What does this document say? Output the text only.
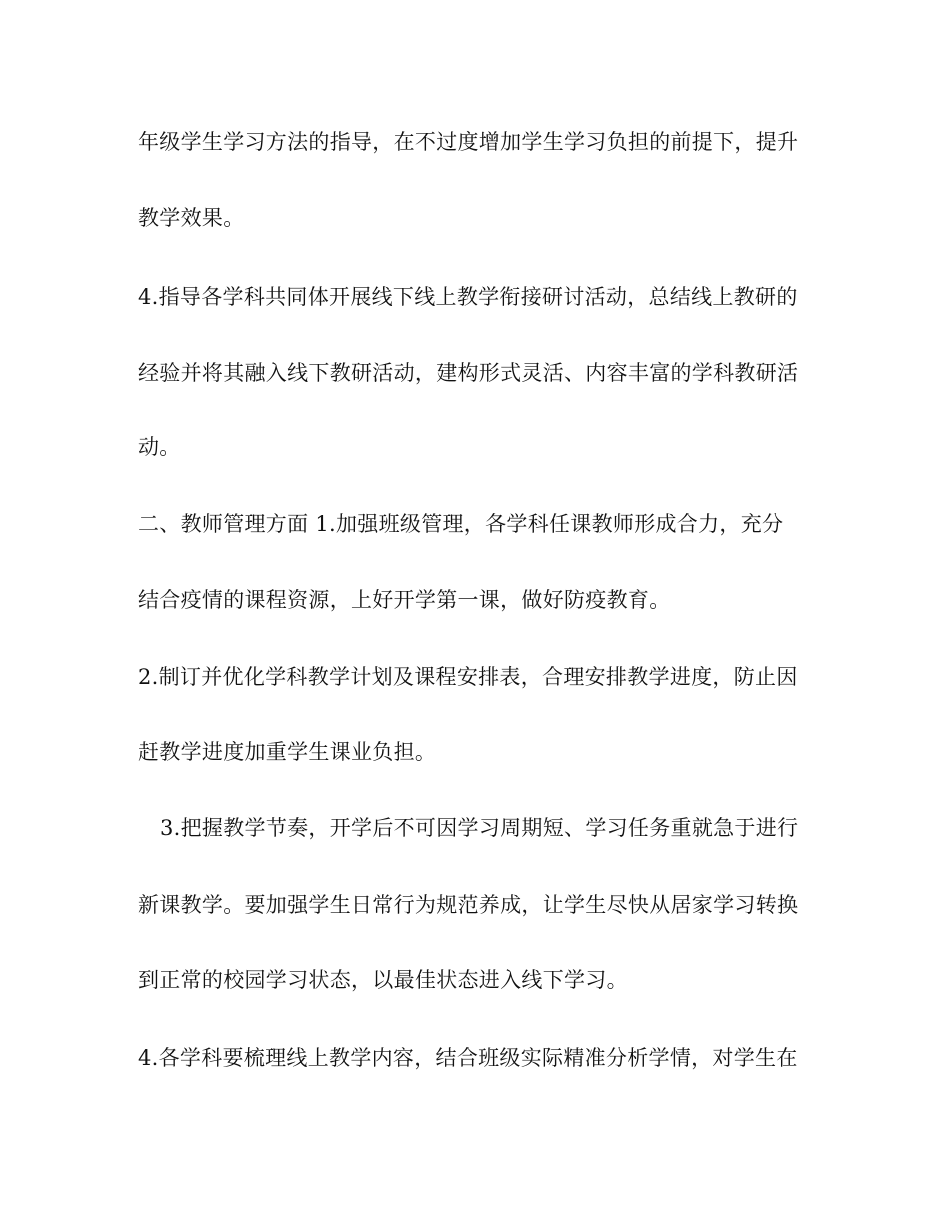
年级学生学习方法的指导，在不过度增加学生学习负担的前提下，提升
教学效果。
4.指导各学科共同体开展线下线上教学衔接研讨活动，总结线上教研的
经验并将其融入线下教研活动，建构形式灵活、内容丰富的学科教研活
动。
二、教师管理方面 1.加强班级管理，各学科任课教师形成合力，充分
结合疫情的课程资源，上好开学第一课，做好防疫教育。
2.制订并优化学科教学计划及课程安排表，合理安排教学进度，防止因
赶教学进度加重学生课业负担。
3.把握教学节奏，开学后不可因学习周期短、学习任务重就急于进行
新课教学。要加强学生日常行为规范养成，让学生尽快从居家学习转换
到正常的校园学习状态，以最佳状态进入线下学习。
4.各学科要梳理线上教学内容，结合班级实际精准分析学情，对学生在
